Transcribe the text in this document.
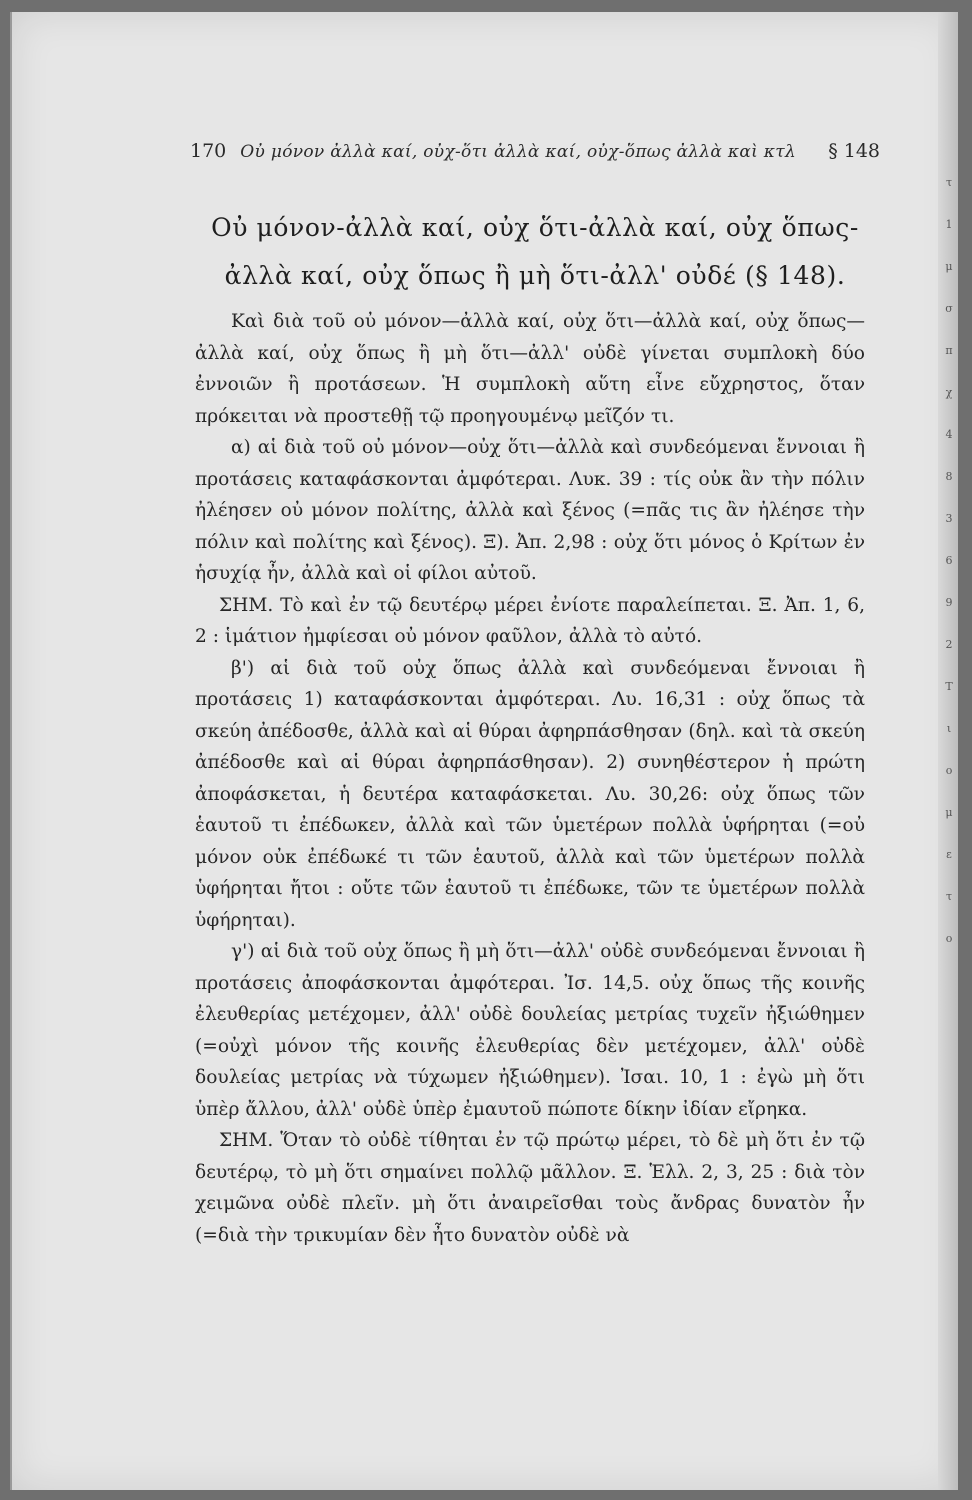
τ
1
μ
σ
π
χ
4
8
3
6
9
2
Τ
ι
ο
μ
ε
τ
ο
170 Οὐ μόνον ἀλλὰ καί, οὐχ-ὅτι ἀλλὰ καί, οὐχ-ὅπως ἀλλὰ καὶ κτλ	§ 148
Οὐ μόνον-ἀλλὰ καί, οὐχ ὅτι-ἀλλὰ καί, οὐχ ὅπως-ἀλλὰ καί, οὐχ ὅπως ἢ μὴ ὅτι-ἀλλ' οὐδέ (§ 148).

Καὶ διὰ τοῦ οὐ μόνον—ἀλλὰ καί, οὐχ ὅτι—ἀλλὰ καί, οὐχ ὅπως—ἀλλὰ καί, οὐχ ὅπως ἢ μὴ ὅτι—ἀλλ' οὐδὲ γίνεται συμπλοκὴ δύο ἐννοιῶν ἢ προτάσεων. Ἡ συμπλοκὴ αὕτη εἶνε εὔχρηστος, ὅταν πρόκειται νὰ προστεθῇ τῷ προηγουμένῳ μεῖζόν τι.

α) αἱ διὰ τοῦ οὐ μόνον—οὐχ ὅτι—ἀλλὰ καὶ συνδεόμεναι ἔννοιαι ἢ προτάσεις καταφάσκονται ἀμφότεραι. Λυκ. 39 : τίς οὐκ ἂν τὴν πόλιν ἠλέησεν οὐ μόνον πολίτης, ἀλλὰ καὶ ξένος (=πᾶς τις ἂν ἠλέησε τὴν πόλιν καὶ πολίτης καὶ ξένος). Ξ). Ἀπ. 2,98 : οὐχ ὅτι μόνος ὁ Κρίτων ἐν ἡσυχίᾳ ἦν, ἀλλὰ καὶ οἱ φίλοι αὐτοῦ.

ΣΗΜ. Τὸ καὶ ἐν τῷ δευτέρῳ μέρει ἐνίοτε παραλείπεται. Ξ. Ἀπ. 1, 6, 2 : ἱμάτιον ἠμφίεσαι οὐ μόνον φαῦλον, ἀλλὰ τὸ αὐτό.

β') αἱ διὰ τοῦ οὐχ ὅπως ἀλλὰ καὶ συνδεόμεναι ἔννοιαι ἢ προτάσεις 1) καταφάσκονται ἀμφότεραι. Λυ. 16,31 : οὐχ ὅπως τὰ σκεύη ἀπέδοσθε, ἀλλὰ καὶ αἱ θύραι ἀφηρπάσθησαν (δηλ. καὶ τὰ σκεύη ἀπέδοσθε καὶ αἱ θύραι ἀφηρπάσθησαν). 2) συνηθέστερον ἡ πρώτη ἀποφάσκεται, ἡ δευτέρα καταφάσκεται. Λυ. 30,26: οὐχ ὅπως τῶν ἑαυτοῦ τι ἐπέδωκεν, ἀλλὰ καὶ τῶν ὑμετέρων πολλὰ ὑφήρηται (=οὐ μόνον οὐκ ἐπέδωκέ τι τῶν ἑαυτοῦ, ἀλλὰ καὶ τῶν ὑμετέρων πολλὰ ὑφήρηται ἤτοι : οὔτε τῶν ἑαυτοῦ τι ἐπέδωκε, τῶν τε ὑμετέρων πολλὰ ὑφήρηται).

γ') αἱ διὰ τοῦ οὐχ ὅπως ἢ μὴ ὅτι—ἀλλ' οὐδὲ συνδεόμεναι ἔννοιαι ἢ προτάσεις ἀποφάσκονται ἀμφότεραι. Ἰσ. 14,5. οὐχ ὅπως τῆς κοινῆς ἐλευθερίας μετέχομεν, ἀλλ' οὐδὲ δουλείας μετρίας τυχεῖν ἠξιώθημεν (=οὐχὶ μόνον τῆς κοινῆς ἐλευθερίας δὲν μετέχομεν, ἀλλ' οὐδὲ δουλείας μετρίας νὰ τύχωμεν ἠξιώθημεν). Ἰσαι. 10, 1 : ἐγὼ μὴ ὅτι ὑπὲρ ἄλλου, ἀλλ' οὐδὲ ὑπὲρ ἐμαυτοῦ πώποτε δίκην ἰδίαν εἴρηκα.

ΣΗΜ. Ὅταν τὸ οὐδὲ τίθηται ἐν τῷ πρώτῳ μέρει, τὸ δὲ μὴ ὅτι ἐν τῷ δευτέρῳ, τὸ μὴ ὅτι σημαίνει πολλῷ μᾶλλον. Ξ. Ἑλλ. 2, 3, 25 : διὰ τὸν χειμῶνα οὐδὲ πλεῖν. μὴ ὅτι ἀναιρεῖσθαι τοὺς ἄνδρας δυνατὸν ἦν (=διὰ τὴν τρικυμίαν δὲν ἦτο δυνατὸν οὐδὲ νὰ
